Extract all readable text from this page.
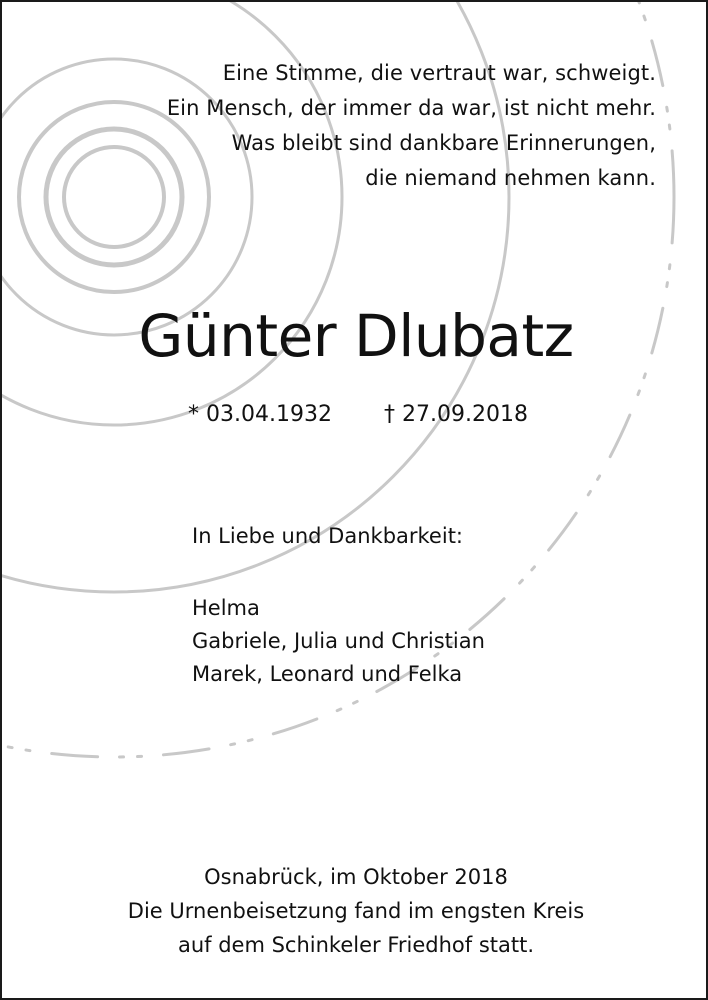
Eine Stimme, die vertraut war, schweigt.
Ein Mensch, der immer da war, ist nicht mehr.
Was bleibt sind dankbare Erinnerungen,
die niemand nehmen kann.
Günter Dlubatz
* 03.04.1932 † 27.09.2018
In Liebe und Dankbarkeit:
Helma
Gabriele, Julia und Christian
Marek, Leonard und Felka
Osnabrück, im Oktober 2018
Die Urnenbeisetzung fand im engsten Kreis
auf dem Schinkeler Friedhof statt.
